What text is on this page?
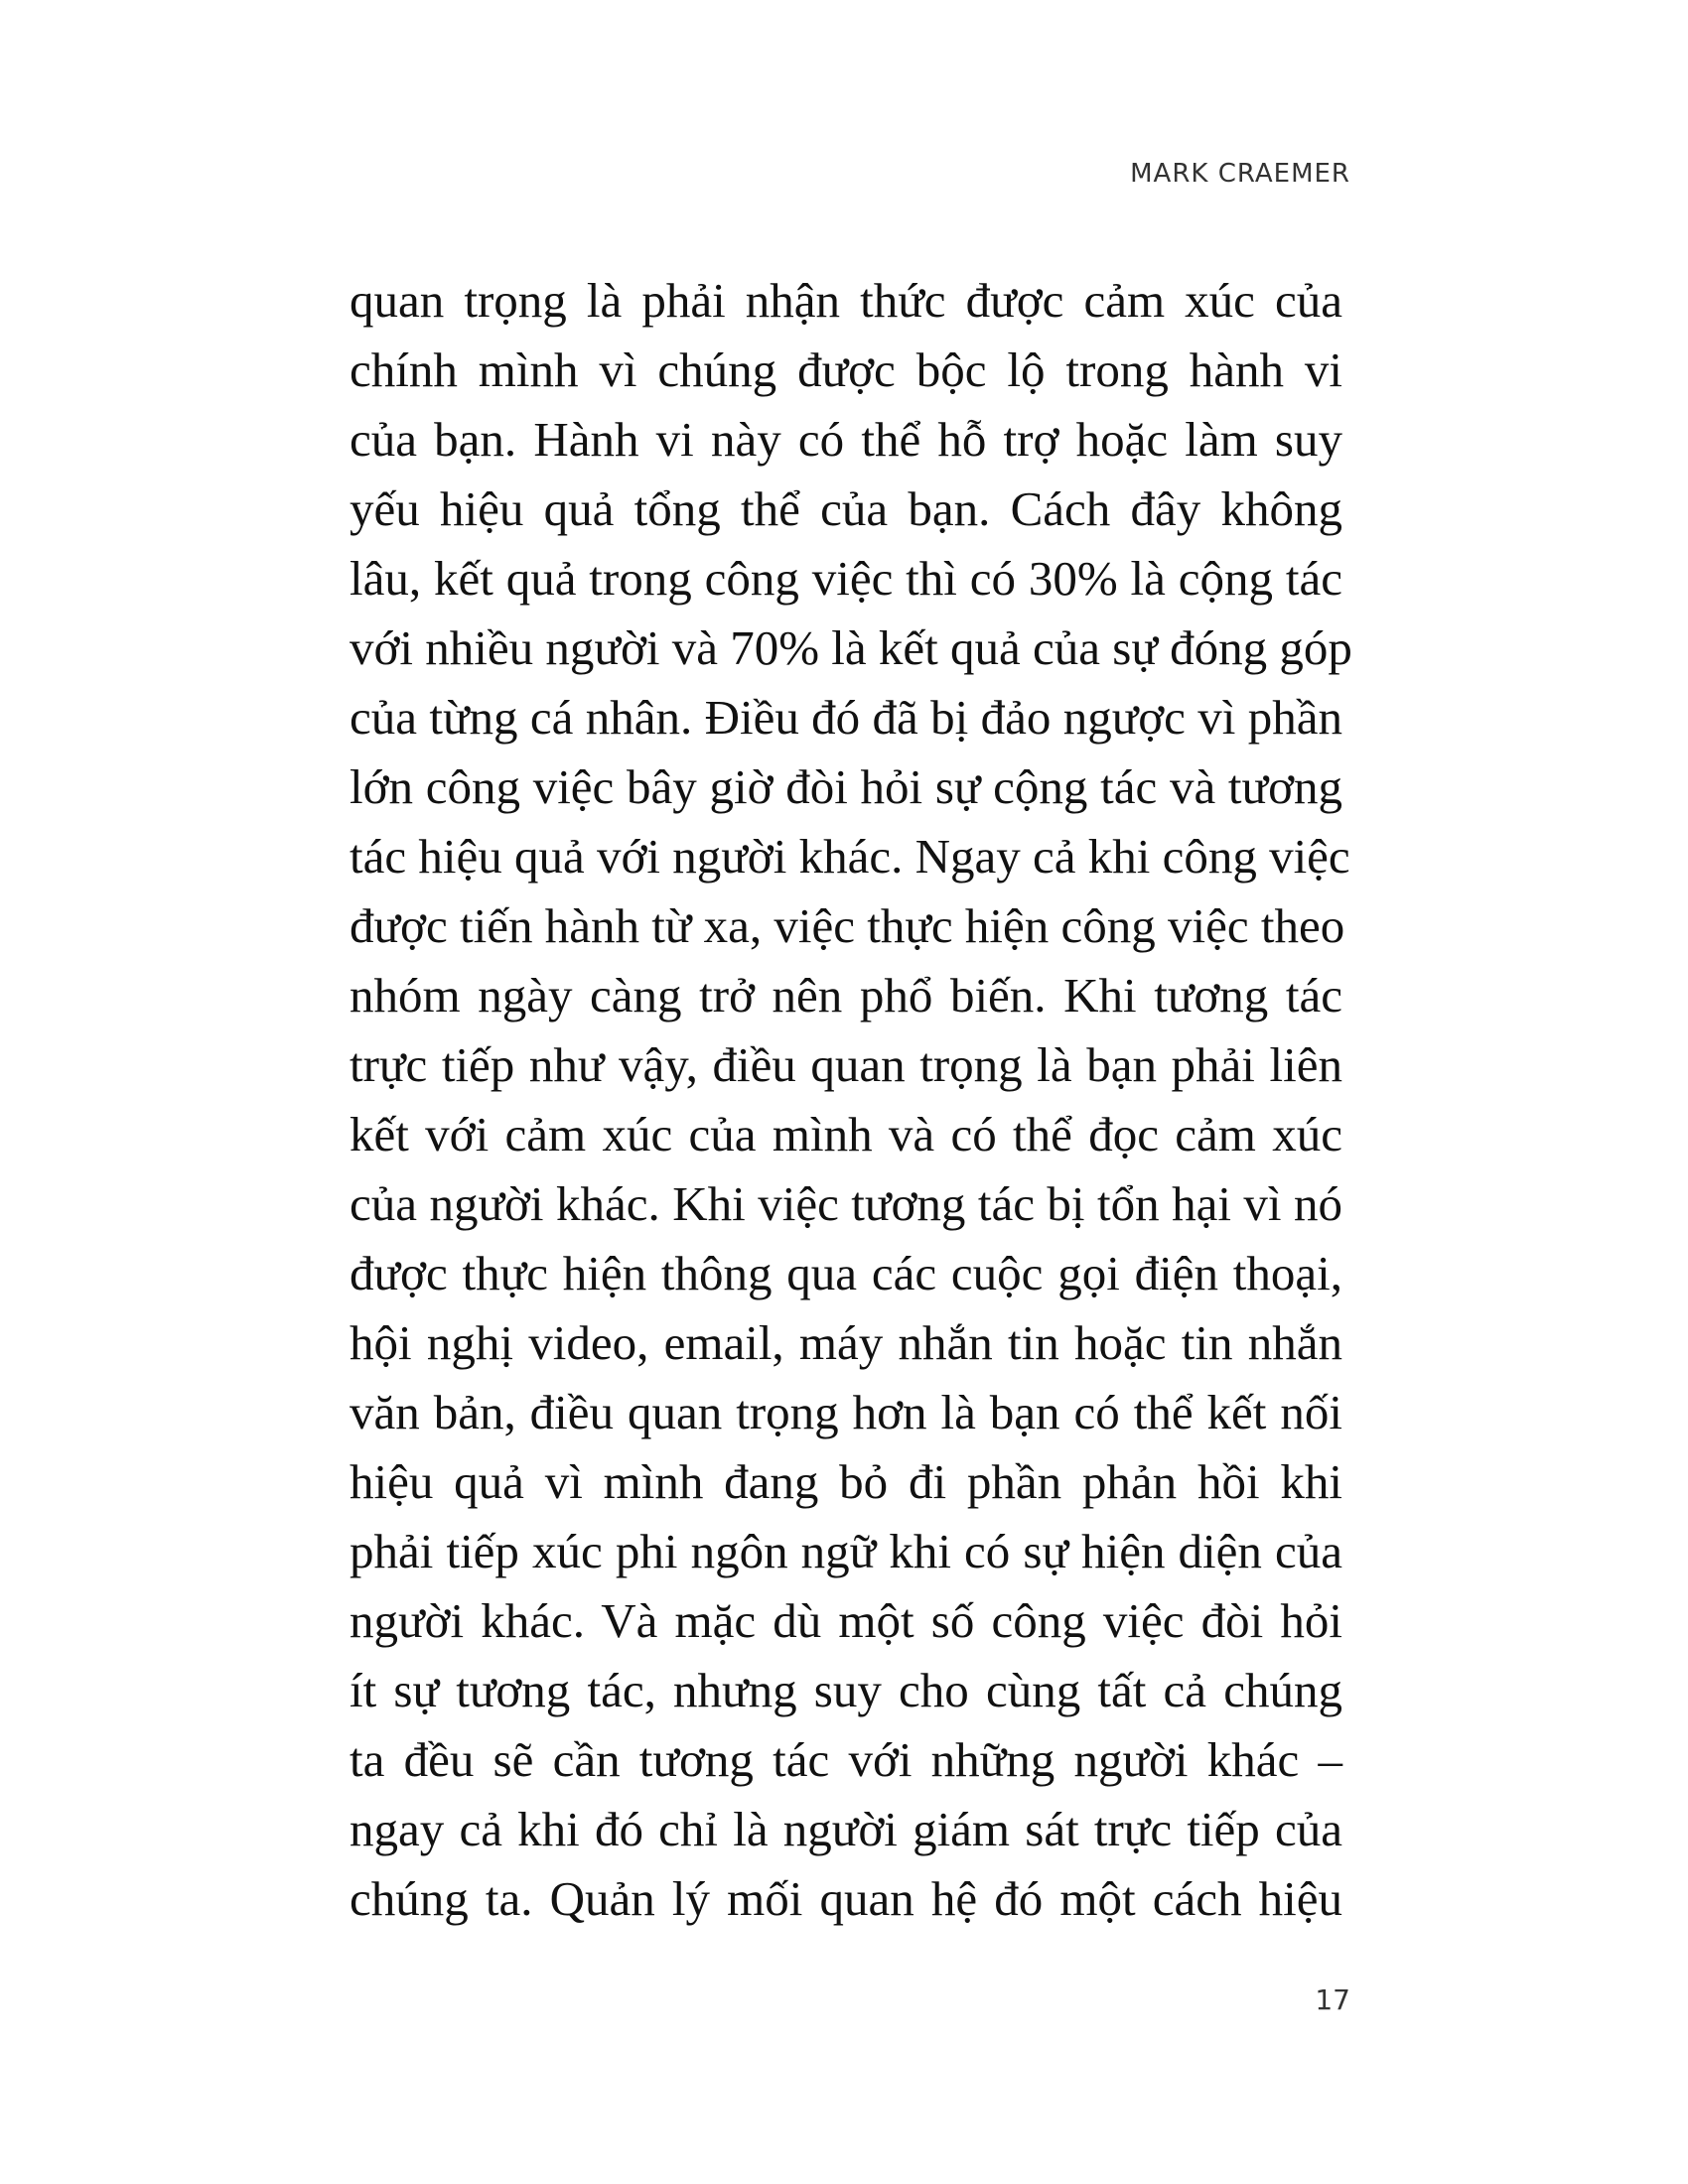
MARK CRAEMER
quan trọng là phải nhận thức được cảm xúc của
chính mình vì chúng được bộc lộ trong hành vi
của bạn. Hành vi này có thể hỗ trợ hoặc làm suy
yếu hiệu quả tổng thể của bạn. Cách đây không
lâu, kết quả trong công việc thì có 30% là cộng tác
với nhiều người và 70% là kết quả của sự đóng góp
của từng cá nhân. Điều đó đã bị đảo ngược vì phần
lớn công việc bây giờ đòi hỏi sự cộng tác và tương
tác hiệu quả với người khác. Ngay cả khi công việc
được tiến hành từ xa, việc thực hiện công việc theo
nhóm ngày càng trở nên phổ biến. Khi tương tác
trực tiếp như vậy, điều quan trọng là bạn phải liên
kết với cảm xúc của mình và có thể đọc cảm xúc
của người khác. Khi việc tương tác bị tổn hại vì nó
được thực hiện thông qua các cuộc gọi điện thoại,
hội nghị video, email, máy nhắn tin hoặc tin nhắn
văn bản, điều quan trọng hơn là bạn có thể kết nối
hiệu quả vì mình đang bỏ đi phần phản hồi khi
phải tiếp xúc phi ngôn ngữ khi có sự hiện diện của
người khác. Và mặc dù một số công việc đòi hỏi
ít sự tương tác, nhưng suy cho cùng tất cả chúng
ta đều sẽ cần tương tác với những người khác –
ngay cả khi đó chỉ là người giám sát trực tiếp của
chúng ta. Quản lý mối quan hệ đó một cách hiệu
17
